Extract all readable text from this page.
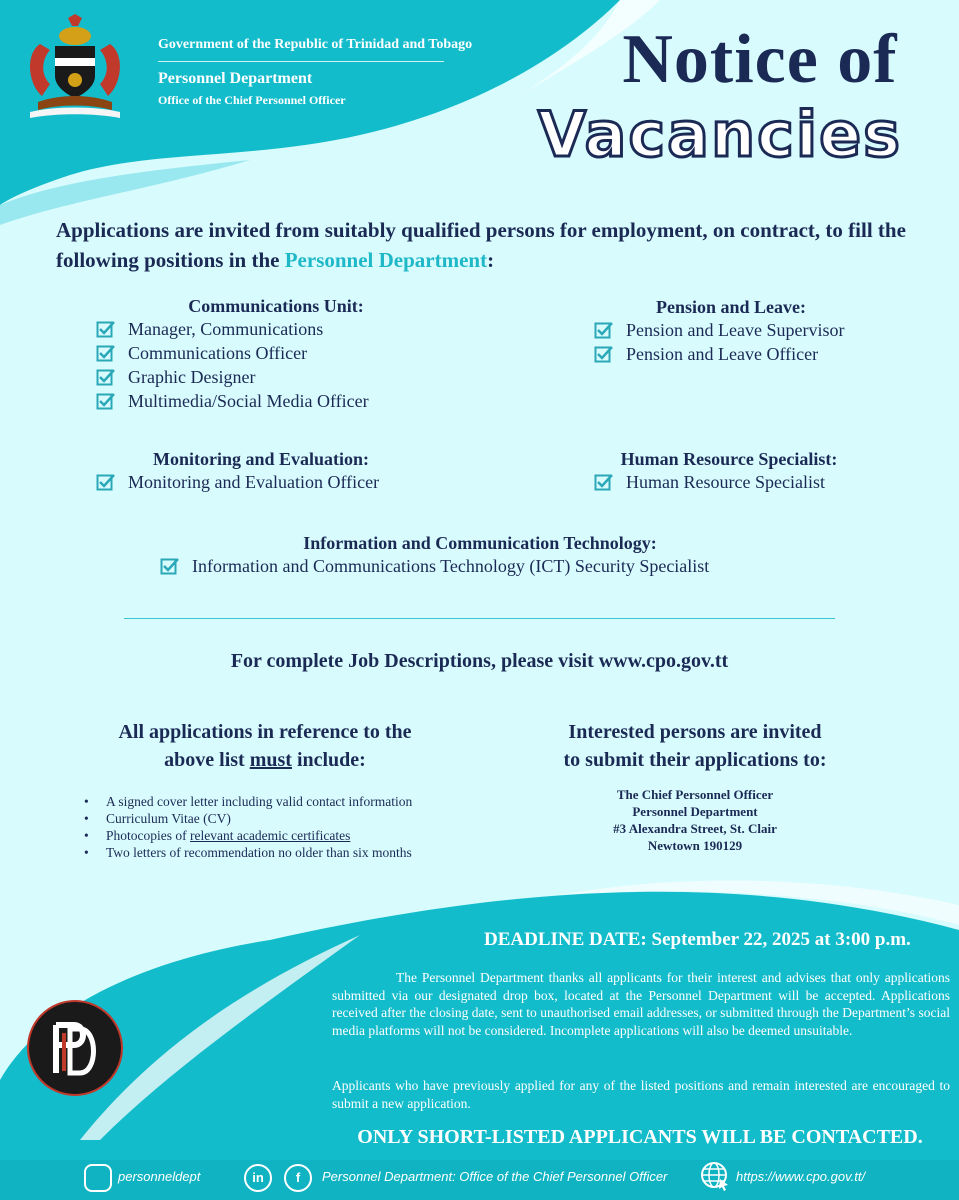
Government of the Republic of Trinidad and Tobago
Personnel Department
Office of the Chief Personnel Officer
Notice of
Vacancies
Applications are invited from suitably qualified persons for employment, on contract, to fill the following positions in the Personnel Department:
Communications Unit:
Manager, Communications
Communications Officer
Graphic Designer
Multimedia/Social Media Officer
Pension and Leave:
Pension and Leave Supervisor
Pension and Leave Officer
Monitoring and Evaluation:
Monitoring and Evaluation Officer
Human Resource Specialist:
Human Resource Specialist
Information and Communication Technology:
Information and Communications Technology (ICT) Security Specialist
For complete Job Descriptions, please visit www.cpo.gov.tt
All applications in reference to the
above list must include:
• A signed cover letter including valid contact information
• Curriculum Vitae (CV)
• Photocopies of relevant academic certificates
• Two letters of recommendation no older than six months
Interested persons are invited
to submit their applications to:
The Chief Personnel Officer
Personnel Department
#3 Alexandra Street, St. Clair
Newtown 190129
DEADLINE DATE: September 22, 2025 at 3:00 p.m.
The Personnel Department thanks all applicants for their interest and advises that only applications submitted via our designated drop box, located at the Personnel Department will be accepted. Applications received after the closing date, sent to unauthorised email addresses, or submitted through the Department’s social media platforms will not be considered. Incomplete applications will also be deemed unsuitable.
Applicants who have previously applied for any of the listed positions and remain interested are encouraged to submit a new application.
ONLY SHORT-LISTED APPLICANTS WILL BE CONTACTED.
personneldept	in	f	Personnel Department: Office of the Chief Personnel Officer	https://www.cpo.gov.tt/
